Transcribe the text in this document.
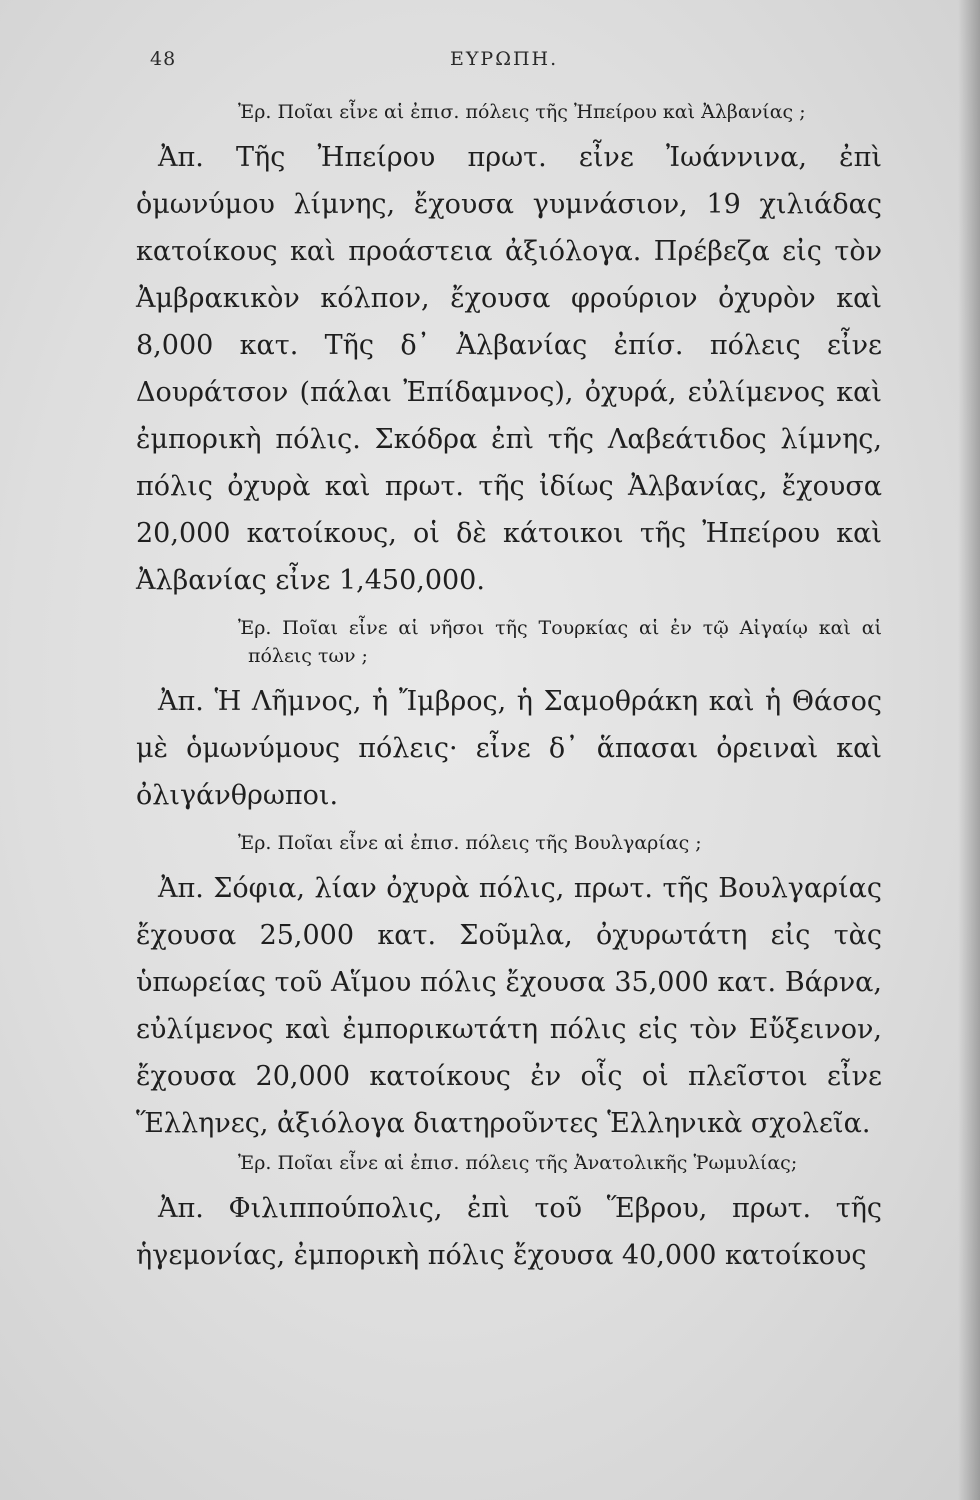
48	ΕΥΡΩΠΗ.

Ἐρ. Ποῖαι εἶνε αἱ ἐπισ. πόλεις τῆς Ἠπείρου καὶ Ἀλβανίας ;

Ἀπ. Τῆς Ἠπείρου πρωτ. εἶνε Ἰωάννινα, ἐπὶ ὁμωνύμου λίμνης, ἔχουσα γυμνάσιον, 19 χιλιάδας κατοίκους καὶ προάστεια ἀξιόλογα. Πρέβεζα εἰς τὸν Ἀμβρακικὸν κόλπον, ἔχουσα φρούριον ὀχυρὸν καὶ 8,000 κατ. Τῆς δ᾽ Ἀλβανίας ἐπίσ. πόλεις εἶνε Δουράτσον (πάλαι Ἐπίδαμνος), ὀχυρά, εὐλίμενος καὶ ἐμπορικὴ πόλις. Σκόδρα ἐπὶ τῆς Λαβεάτιδος λίμνης, πόλις ὀχυρὰ καὶ πρωτ. τῆς ἰδίως Ἀλβανίας, ἔχουσα 20,000 κατοίκους, οἱ δὲ κάτοικοι τῆς Ἠπείρου καὶ Ἀλβανίας εἶνε 1,450,000.

Ἐρ. Ποῖαι εἶνε αἱ νῆσοι τῆς Τουρκίας αἱ ἐν τῷ Αἰγαίῳ καὶ αἱ πόλεις των ;

Ἀπ. Ἡ Λῆμνος, ἡ Ἴμβρος, ἡ Σαμοθράκη καὶ ἡ Θάσος μὲ ὁμωνύμους πόλεις· εἶνε δ᾽ ἅπασαι ὀρειναὶ καὶ ὀλιγάνθρωποι.

Ἐρ. Ποῖαι εἶνε αἱ ἐπισ. πόλεις τῆς Βουλγαρίας ;

Ἀπ. Σόφια, λίαν ὀχυρὰ πόλις, πρωτ. τῆς Βουλγαρίας ἔχουσα 25,000 κατ. Σοῦμλα, ὀχυρωτάτη εἰς τὰς ὑπωρείας τοῦ Αἵμου πόλις ἔχουσα 35,000 κατ. Βάρνα, εὐλίμενος καὶ ἐμπορικωτάτη πόλις εἰς τὸν Εὔξεινον, ἔχουσα 20,000 κατοίκους ἐν οἷς οἱ πλεῖστοι εἶνε Ἕλληνες, ἀξιόλογα διατηροῦντες Ἑλληνικὰ σχολεῖα.

Ἐρ. Ποῖαι εἶνε αἱ ἐπισ. πόλεις τῆς Ἀνατολικῆς Ῥωμυλίας;

Ἀπ. Φιλιππούπολις, ἐπὶ τοῦ Ἕβρου, πρωτ. τῆς ἡγεμονίας, ἐμπορικὴ πόλις ἔχουσα 40,000 κατοίκους
